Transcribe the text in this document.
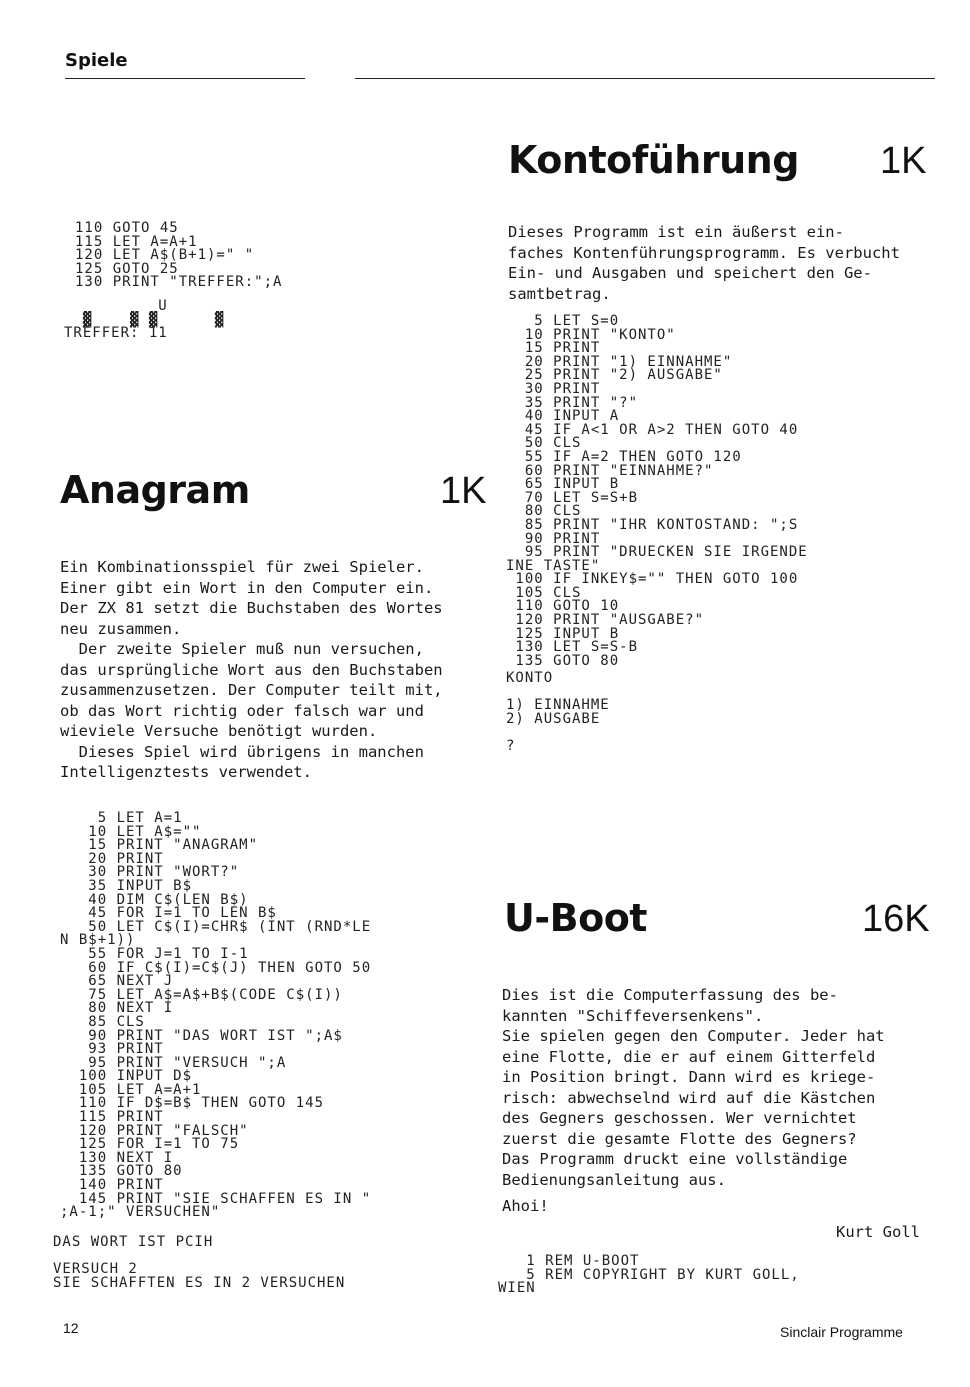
Spiele
110 GOTO 45
115 LET A=A+1
120 LET A$(B+1)=" "
125 GOTO 25
130 PRINT "TREFFER:";A
U
▓    ▓ ▓      ▓
TREFFER: 11
Kontoführung 1K
Dieses Programm ist ein äußerst ein-
faches Kontenführungsprogramm. Es verbucht
Ein- und Ausgaben und speichert den Ge-
samtbetrag.
5 LET S=0
10 PRINT "KONTO"
15 PRINT
20 PRINT "1) EINNAHME"
25 PRINT "2) AUSGABE"
30 PRINT
35 PRINT "?"
40 INPUT A
45 IF A<1 OR A>2 THEN GOTO 40
50 CLS
55 IF A=2 THEN GOTO 120
60 PRINT "EINNAHME?"
65 INPUT B
70 LET S=S+B
80 CLS
85 PRINT "IHR KONTOSTAND: ";S
90 PRINT
95 PRINT "DRUECKEN SIE IRGENDE
INE TASTE"
100 IF INKEY$="" THEN GOTO 100
105 CLS
110 GOTO 10
120 PRINT "AUSGABE?"
125 INPUT B
130 LET S=S-B
135 GOTO 80
KONTO

1) EINNAHME
2) AUSGABE

?
Anagram	1K
Ein Kombinationsspiel für zwei Spieler.
Einer gibt ein Wort in den Computer ein.
Der ZX 81 setzt die Buchstaben des Wortes
neu zusammen.
Der zweite Spieler muß nun versuchen,
das ursprüngliche Wort aus den Buchstaben
zusammenzusetzen. Der Computer teilt mit,
ob das Wort richtig oder falsch war und
wieviele Versuche benötigt wurden.
Dieses Spiel wird übrigens in manchen
Intelligenztests verwendet.
5 LET A=1
10 LET A$=""
15 PRINT "ANAGRAM"
20 PRINT
30 PRINT "WORT?"
35 INPUT B$
40 DIM C$(LEN B$)
45 FOR I=1 TO LEN B$
50 LET C$(I)=CHR$ (INT (RND*LE
N B$+1))
55 FOR J=1 TO I-1
60 IF C$(I)=C$(J) THEN GOTO 50
65 NEXT J
75 LET A$=A$+B$(CODE C$(I))
80 NEXT I
85 CLS
90 PRINT "DAS WORT IST ";A$
93 PRINT
95 PRINT "VERSUCH ";A
100 INPUT D$
105 LET A=A+1
110 IF D$=B$ THEN GOTO 145
115 PRINT
120 PRINT "FALSCH"
125 FOR I=1 TO 75
130 NEXT I
135 GOTO 80
140 PRINT
145 PRINT "SIE SCHAFFEN ES IN "
;A-1;" VERSUCHEN"
DAS WORT IST PCIH

VERSUCH 2
SIE SCHAFFTEN ES IN 2 VERSUCHEN
U-Boot	16K
Dies ist die Computerfassung des be-
kannten "Schiffeversenkens".
Sie spielen gegen den Computer. Jeder hat
eine Flotte, die er auf einem Gitterfeld
in Position bringt. Dann wird es kriege-
risch: abwechselnd wird auf die Kästchen
des Gegners geschossen. Wer vernichtet
zuerst die gesamte Flotte des Gegners?
Das Programm druckt eine vollständige
Bedienungsanleitung aus.
Ahoi!
Kurt Goll
1 REM U-BOOT
5 REM COPYRIGHT BY KURT GOLL,
WIEN
12	Sinclair Programme
